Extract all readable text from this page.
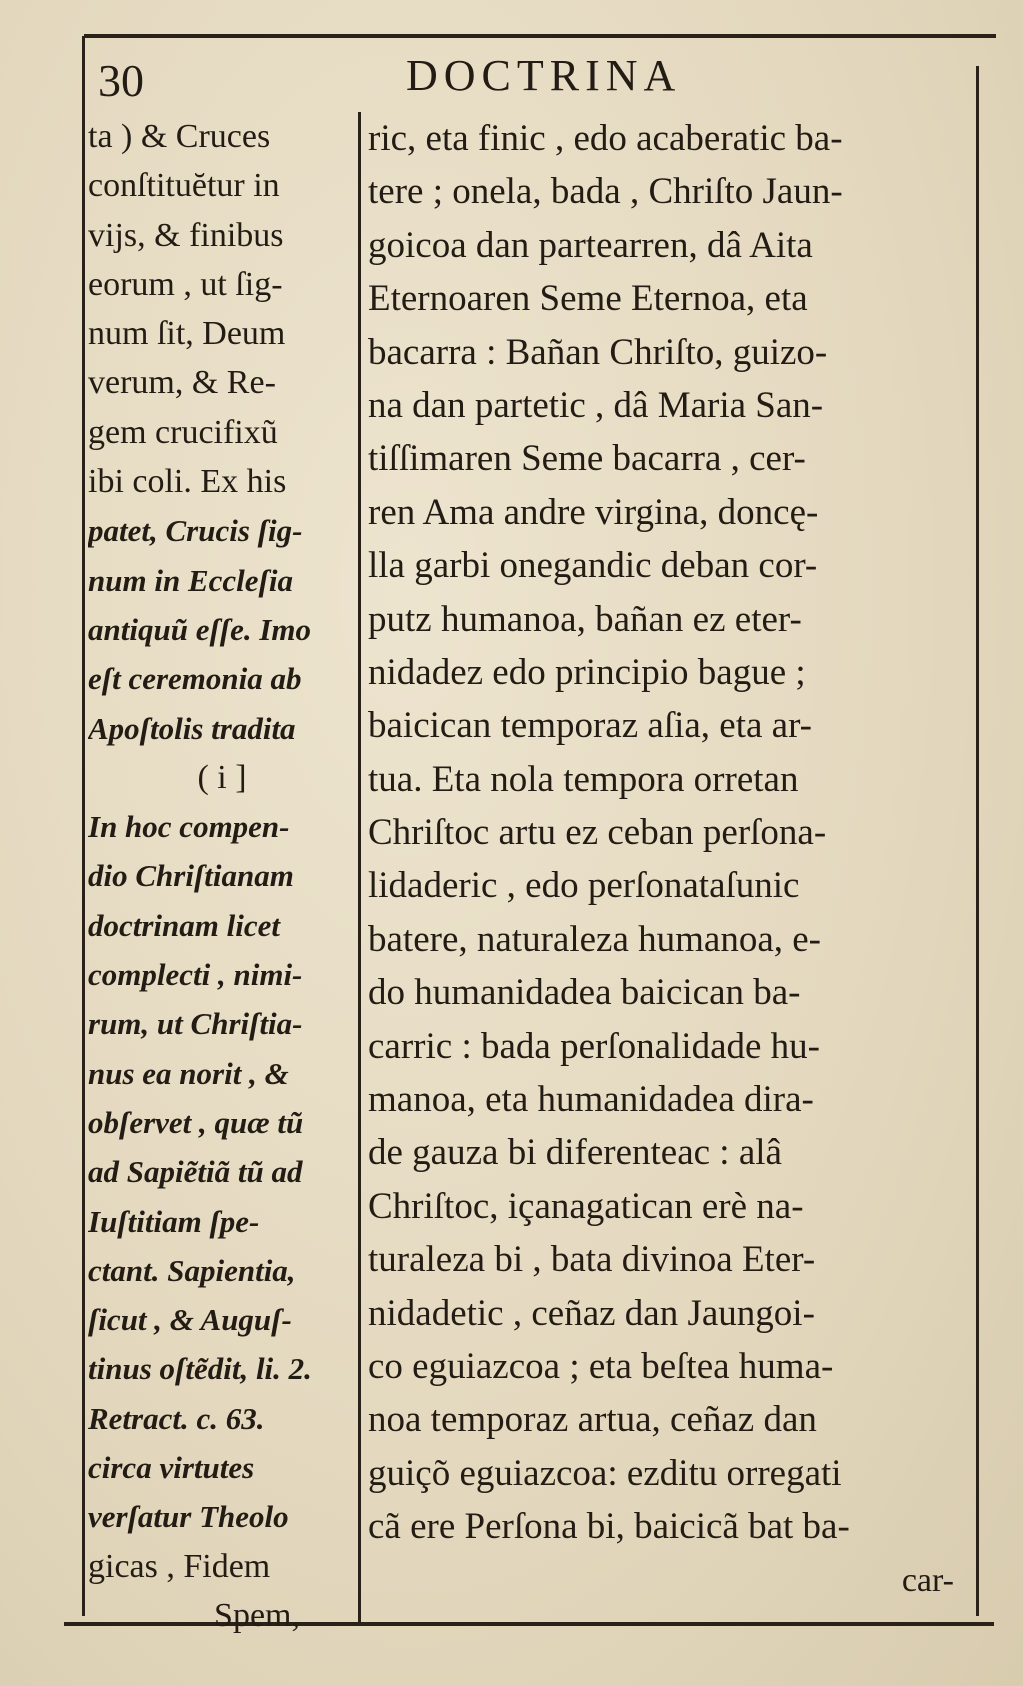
30	DOCTRINA
ta ) & Cruces
conſtituĕtur in
vijs, & finibus
eorum , ut ſig-
num ſit, Deum
verum, & Re-
gem crucifixũ
ibi coli. Ex his
patet, Crucis ſig-
num in Eccleſia
antiquũ eſſe. Imo
eſt ceremonia ab
Apoſtolis tradita
( i ]
In hoc compen-
dio Chriſtianam
doctrinam licet
complecti , nimi-
rum, ut Chriſtia-
nus ea norit , &
obſervet , quæ tũ
ad Sapiẽtiã tũ ad
Iuſtitiam ſpe-
ctant. Sapientia,
ſicut , & Auguſ-
tinus oſtẽdit, li. 2.
Retract. c. 63.
circa virtutes
verſatur Theolo
gicas , Fidem
Spem,
ric, eta finic , edo acaberatic ba-
tere ; onela, bada , Chriſto Jaun-
goicoa dan partearren, dâ Aita
Eternoaren Seme Eternoa, eta
bacarra : Bañan Chriſto, guizo-
na dan partetic , dâ Maria San-
tiſſimaren Seme bacarra , cer-
ren Ama andre virgina, doncę-
lla garbi onegandic deban cor-
putz humanoa, bañan ez eter-
nidadez edo principio bague ;
baicican temporaz aſia, eta ar-
tua. Eta nola tempora orretan
Chriſtoc artu ez ceban perſona-
lidaderic , edo perſonataſunic
batere, naturaleza humanoa, e-
do humanidadea baicican ba-
carric : bada perſonalidade hu-
manoa, eta humanidadea dira-
de gauza bi diferenteac : alâ
Chriſtoc, içanagatican erè na-
turaleza bi , bata divinoa Eter-
nidadetic , ceñaz dan Jaungoi-
co eguiazcoa ; eta beſtea huma-
noa temporaz artua, ceñaz dan
guiçõ eguiazcoa: ezditu orregati
cã ere Perſona bi, baicicã bat ba-
car-
